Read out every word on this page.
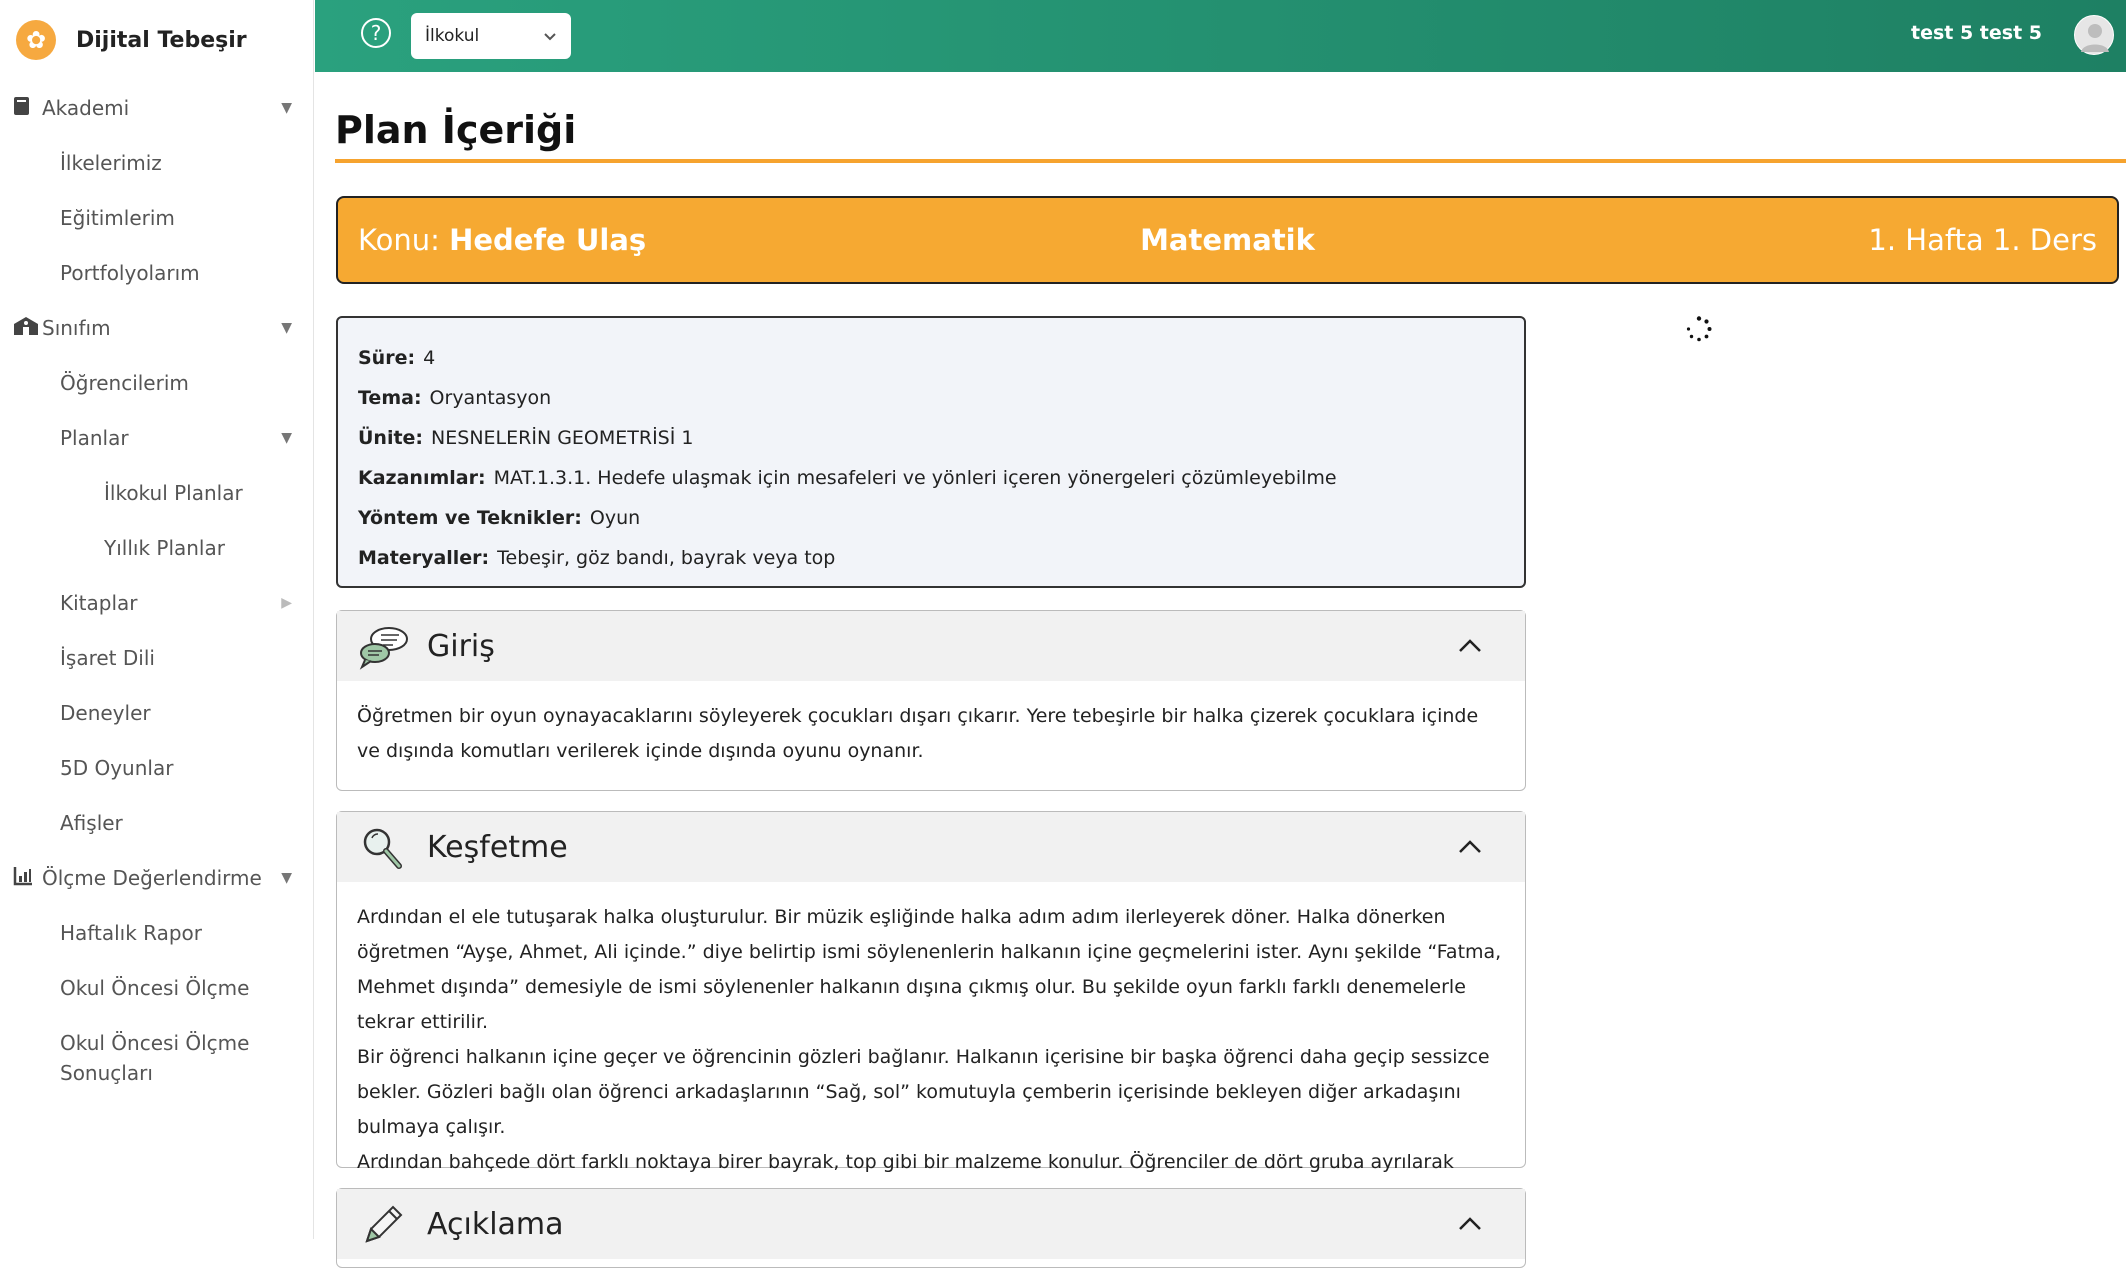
✿	Dijital Tebeşir
Akademi	▼
İlkelerimiz
Eğitimlerim
Portfolyolarım
Sınıfım	▼
Öğrencilerim
Planlar	▼
İlkokul Planlar
Yıllık Planlar
Kitaplar	▶
İşaret Dili
Deneyler
5D Oyunlar
Afişler
Ölçme Değerlendirme ▼
Haftalık Rapor
Okul Öncesi Ölçme
Okul Öncesi Ölçme Sonuçları
?	İlkokul	test 5 test 5
Plan İçeriği
Konu: Hedefe Ulaş	Matematik	1. Hafta 1. Ders
Süre: 4
Tema: Oryantasyon
Ünite: NESNELERİN GEOMETRİSİ 1
Kazanımlar: MAT.1.3.1. Hedefe ulaşmak için mesafeleri ve yönleri içeren yönergeleri çözümleyebilme
Yöntem ve Teknikler: Oyun
Materyaller: Tebeşir, göz bandı, bayrak veya top
Giriş

Öğretmen bir oyun oynayacaklarını söyleyerek çocukları dışarı çıkarır. Yere tebeşirle bir halka çizerek çocuklara içinde ve dışında komutları verilerek içinde dışında oyunu oynanır.

Keşfetme

Ardından el ele tutuşarak halka oluşturulur. Bir müzik eşliğinde halka adım adım ilerleyerek döner. Halka dönerken öğretmen “Ayşe, Ahmet, Ali içinde.” diye belirtip ismi söylenenlerin halkanın içine geçmelerini ister. Aynı şekilde “Fatma, Mehmet dışında” demesiyle de ismi söylenenler halkanın dışına çıkmış olur. Bu şekilde oyun farklı farklı denemelerle tekrar ettirilir.

Bir öğrenci halkanın içine geçer ve öğrencinin gözleri bağlanır. Halkanın içerisine bir başka öğrenci daha geçip sessizce bekler. Gözleri bağlı olan öğrenci arkadaşlarının “Sağ, sol” komutuyla çemberin içerisinde bekleyen diğer arkadaşını bulmaya çalışır.

Ardından bahçede dört farklı noktaya birer bayrak, top gibi bir malzeme konulur. Öğrenciler de dört gruba ayrılarak

Açıklama
